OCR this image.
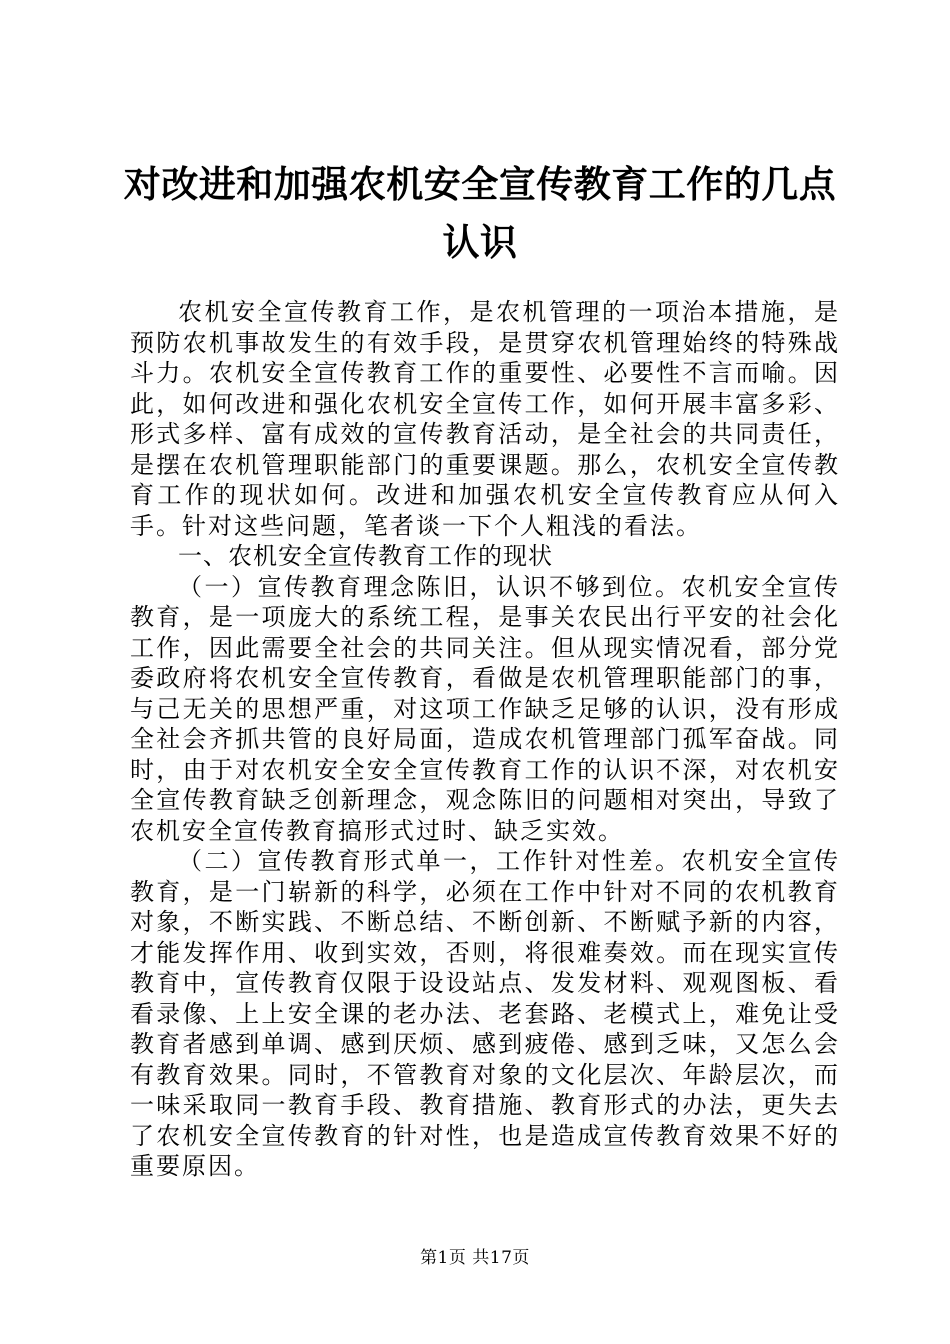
对改进和加强农机安全宣传教育工作的几点认识

农机安全宣传教育工作，是农机管理的一项治本措施，是预防农机事故发生的有效手段，是贯穿农机管理始终的特殊战斗力。农机安全宣传教育工作的重要性、必要性不言而喻。因此，如何改进和强化农机安全宣传工作，如何开展丰富多彩、形式多样、富有成效的宣传教育活动，是全社会的共同责任，是摆在农机管理职能部门的重要课题。那么，农机安全宣传教育工作的现状如何。改进和加强农机安全宣传教育应从何入手。针对这些问题，笔者谈一下个人粗浅的看法。

一、农机安全宣传教育工作的现状

（一）宣传教育理念陈旧，认识不够到位。农机安全宣传教育，是一项庞大的系统工程，是事关农民出行平安的社会化工作，因此需要全社会的共同关注。但从现实情况看，部分党委政府将农机安全宣传教育，看做是农机管理职能部门的事，与己无关的思想严重，对这项工作缺乏足够的认识，没有形成全社会齐抓共管的良好局面，造成农机管理部门孤军奋战。同时，由于对农机安全安全宣传教育工作的认识不深，对农机安全宣传教育缺乏创新理念，观念陈旧的问题相对突出，导致了农机安全宣传教育搞形式过时、缺乏实效。

（二）宣传教育形式单一，工作针对性差。农机安全宣传教育，是一门崭新的科学，必须在工作中针对不同的农机教育对象，不断实践、不断总结、不断创新、不断赋予新的内容，才能发挥作用、收到实效，否则，将很难奏效。而在现实宣传教育中，宣传教育仅限于设设站点、发发材料、观观图板、看看录像、上上安全课的老办法、老套路、老模式上，难免让受教育者感到单调、感到厌烦、感到疲倦、感到乏味，又怎么会有教育效果。同时，不管教育对象的文化层次、年龄层次，而一味采取同一教育手段、教育措施、教育形式的办法，更失去了农机安全宣传教育的针对性，也是造成宣传教育效果不好的重要原因。

第1页 共17页
